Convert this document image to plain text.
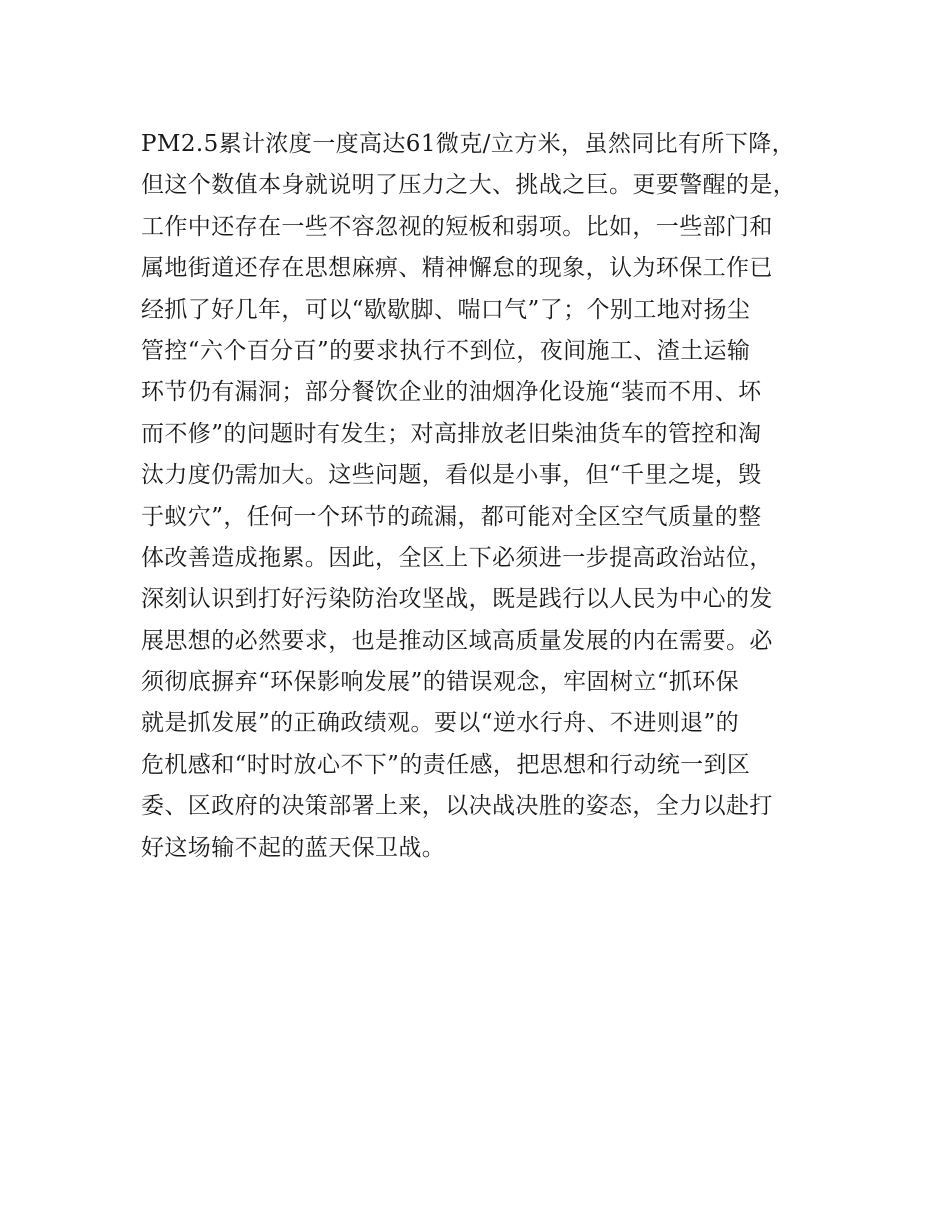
PM2.5累计浓度一度高达61微克/立方米，虽然同比有所下降，
但这个数值本身就说明了压力之大、挑战之巨。更要警醒的是，
工作中还存在一些不容忽视的短板和弱项。比如，一些部门和
属地街道还存在思想麻痹、精神懈怠的现象，认为环保工作已
经抓了好几年，可以“歇歇脚、喘口气”了；个别工地对扬尘
管控“六个百分百”的要求执行不到位，夜间施工、渣土运输
环节仍有漏洞；部分餐饮企业的油烟净化设施“装而不用、坏
而不修”的问题时有发生；对高排放老旧柴油货车的管控和淘
汰力度仍需加大。这些问题，看似是小事，但“千里之堤，毁
于蚁穴”，任何一个环节的疏漏，都可能对全区空气质量的整
体改善造成拖累。因此，全区上下必须进一步提高政治站位，
深刻认识到打好污染防治攻坚战，既是践行以人民为中心的发
展思想的必然要求，也是推动区域高质量发展的内在需要。必
须彻底摒弃“环保影响发展”的错误观念，牢固树立“抓环保
就是抓发展”的正确政绩观。要以“逆水行舟、不进则退”的
危机感和“时时放心不下”的责任感，把思想和行动统一到区
委、区政府的决策部署上来，以决战决胜的姿态，全力以赴打
好这场输不起的蓝天保卫战。
